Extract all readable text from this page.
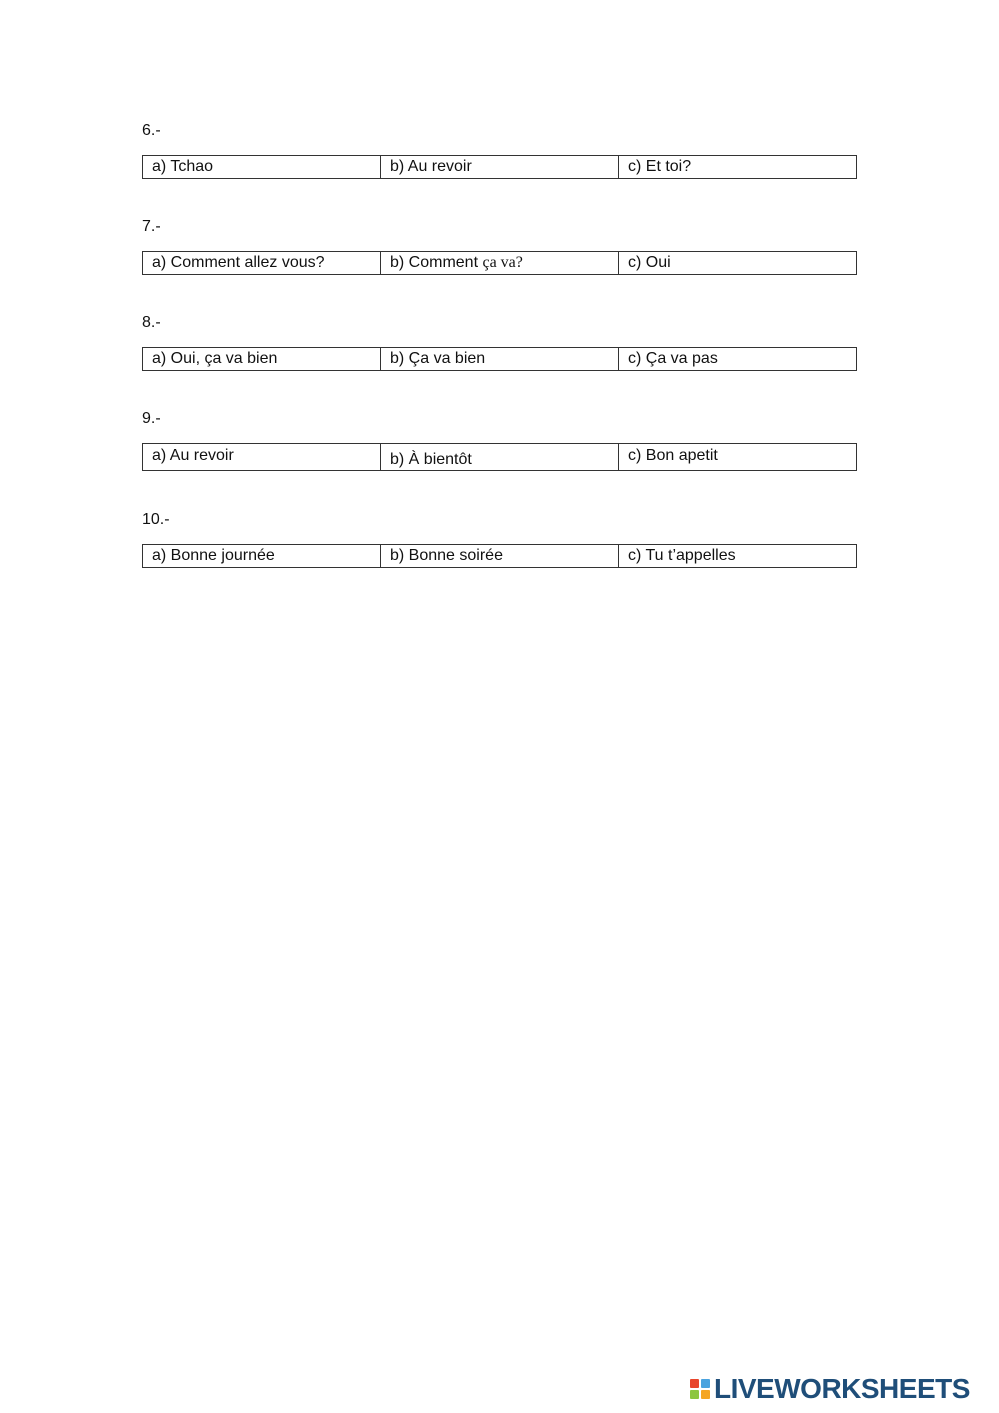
6.-
a) Tchao	b) Au revoir	c) Et toi?
7.-
a) Comment allez vous?	b) Comment ça va?	c) Oui
8.-
a) Oui, ça va bien	b) Ça va bien	c) Ça va pas
9.-
a) Au revoir	b) À bientôt	c) Bon apetit
10.-
a) Bonne journée	b) Bonne soirée	c) Tu t’appelles
LIVEWORKSHEETS
